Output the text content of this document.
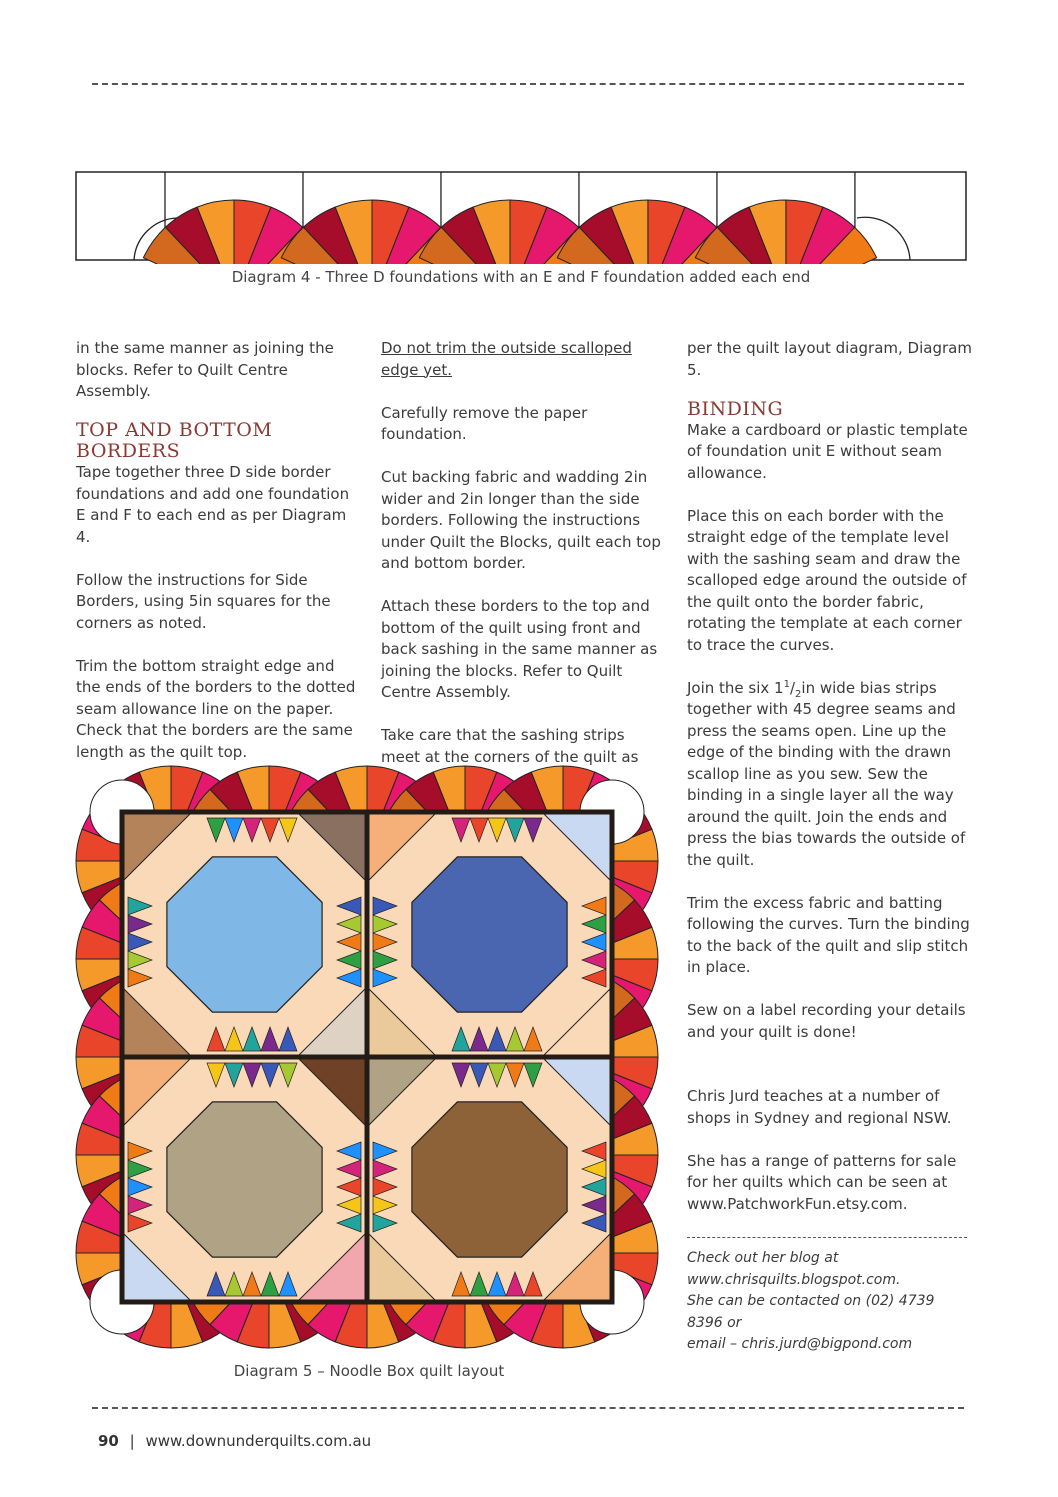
Diagram 4 - Three D foundations with an E and F foundation added each end

in the same manner as joining the blocks. Refer to Quilt Centre Assembly.

TOP AND BOTTOM BORDERS

Tape together three D side border foundations and add one foundation E and F to each end as per Diagram 4.

Follow the instructions for Side Borders, using 5in squares for the corners as noted.

Trim the bottom straight edge and the ends of the borders to the dotted seam allowance line on the paper. Check that the borders are the same length as the quilt top.

Do not trim the outside scalloped edge yet.

Carefully remove the paper foundation.

Cut backing fabric and wadding 2in wider and 2in longer than the side borders. Following the instructions under Quilt the Blocks, quilt each top and bottom border.

Attach these borders to the top and bottom of the quilt using front and back sashing in the same manner as joining the blocks. Refer to Quilt Centre Assembly.

Take care that the sashing strips meet at the corners of the quilt as

per the quilt layout diagram, Diagram 5.

BINDING

Make a cardboard or plastic template of foundation unit E without seam allowance.

Place this on each border with the straight edge of the template level with the sashing seam and draw the scalloped edge around the outside of the quilt onto the border fabric, rotating the template at each corner to trace the curves.

Join the six $1^1/_2in$ wide bias strips together with 45 degree seams and press the seams open. Line up the edge of the binding with the drawn scallop line as you sew. Sew the binding in a single layer all the way around the quilt. Join the ends and press the bias towards the outside of the quilt.

Trim the excess fabric and batting following the curves. Turn the binding to the back of the quilt and slip stitch in place.

Sew on a label recording your details and your quilt is done!

Chris Jurd teaches at a number of shops in Sydney and regional NSW.

She has a range of patterns for sale for her quilts which can be seen at www.PatchworkFun.etsy.com.

Check out her blog at
www.chrisquilts.blogspot.com.
She can be contacted on (02) 4739 8396 or
email – chris.jurd@bigpond.com
Diagram 5 – Noodle Box quilt layout
90 | www.downunderquilts.com.au
